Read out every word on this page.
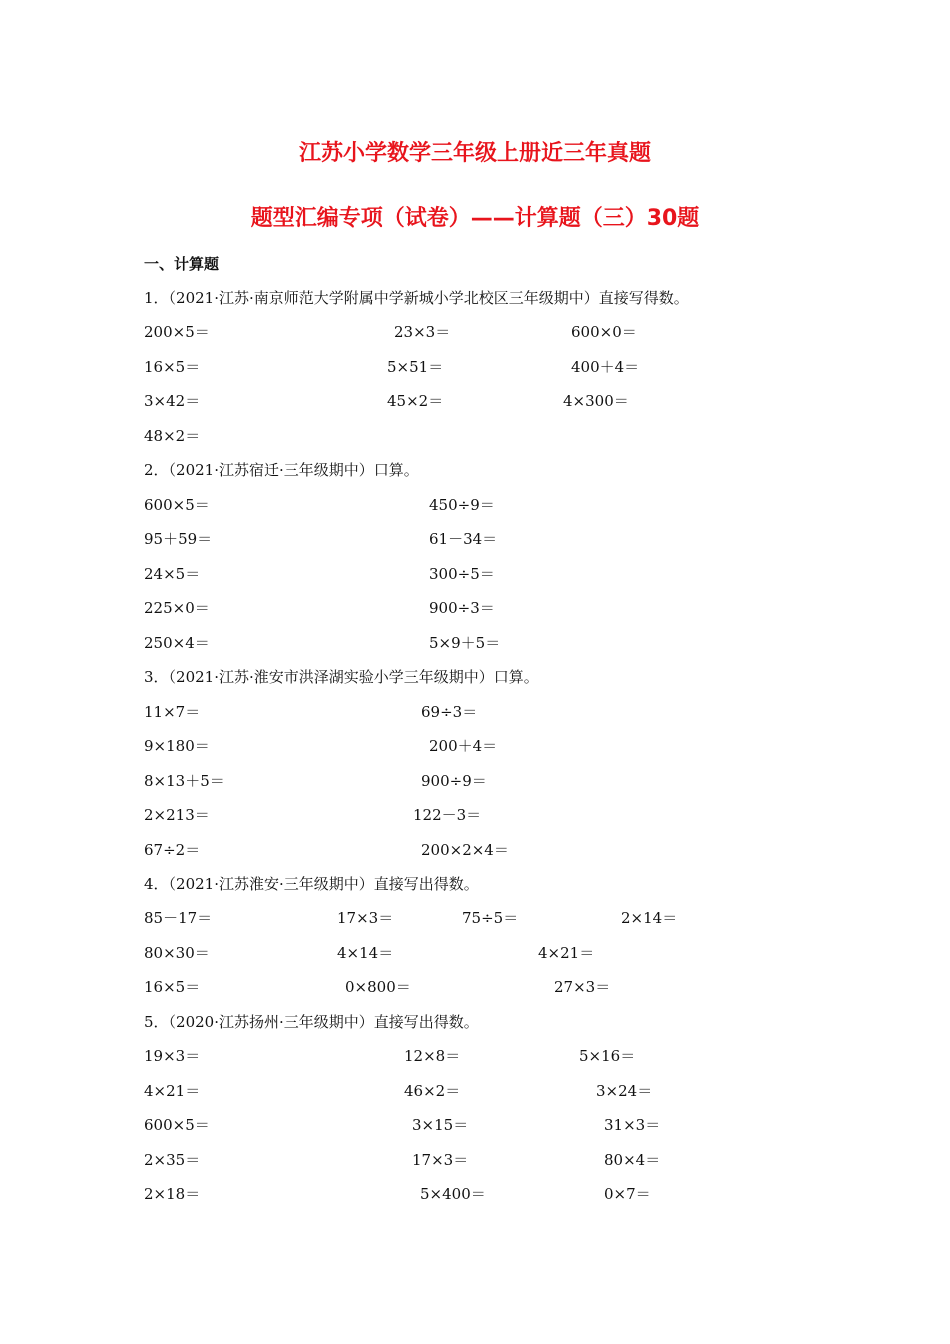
江苏小学数学三年级上册近三年真题
题型汇编专项（试卷）——计算题（三）30题
一、计算题
1．（2021·江苏·南京师范大学附属中学新城小学北校区三年级期中）直接写得数。
200×5＝	23×3＝	600×0＝
16×5＝	5×51＝	400＋4＝
3×42＝	45×2＝	4×300＝
48×2＝
2．（2021·江苏宿迁·三年级期中）口算。
600×5＝	450÷9＝
95＋59＝	61－34＝
24×5＝	300÷5＝
225×0＝	900÷3＝
250×4＝	5×9＋5＝
3．（2021·江苏·淮安市洪泽湖实验小学三年级期中）口算。
11×7＝	69÷3＝
9×180＝	200＋4＝
8×13＋5＝	900÷9＝
2×213＝	122－3＝
67÷2＝	200×2×4＝
4．（2021·江苏淮安·三年级期中）直接写出得数。
85－17＝	17×3＝	75÷5＝	2×14＝
80×30＝	4×14＝	4×21＝
16×5＝	0×800＝	27×3＝
5．（2020·江苏扬州·三年级期中）直接写出得数。
19×3＝	12×8＝	5×16＝
4×21＝	46×2＝	3×24＝
600×5＝	3×15＝	31×3＝
2×35＝	17×3＝	80×4＝
2×18＝	5×400＝	0×7＝
